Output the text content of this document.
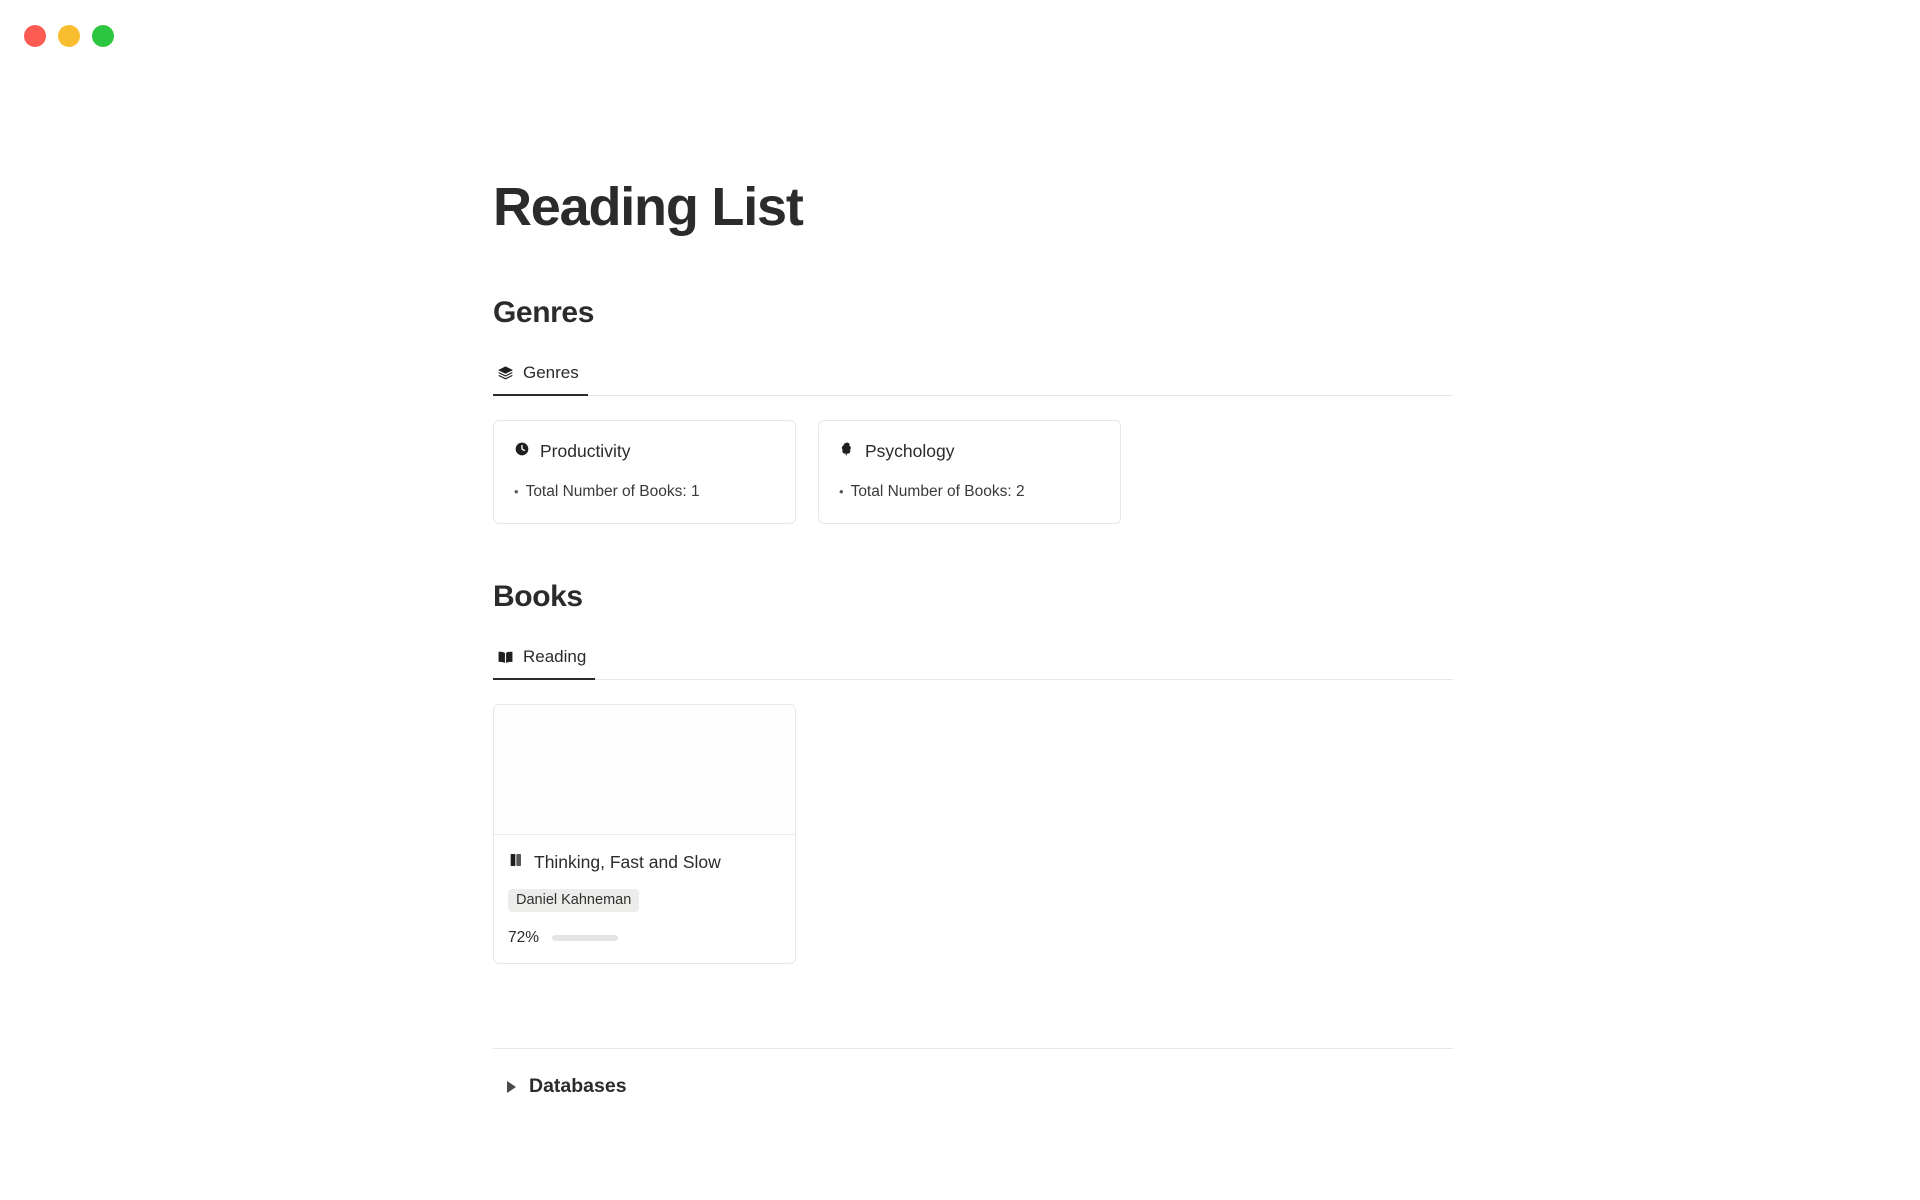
Reading List
Genres
Genres
Productivity
• Total Number of Books: 1
Psychology
• Total Number of Books: 2
Books
Reading
Thinking, Fast and Slow
Daniel Kahneman
72%
Databases
